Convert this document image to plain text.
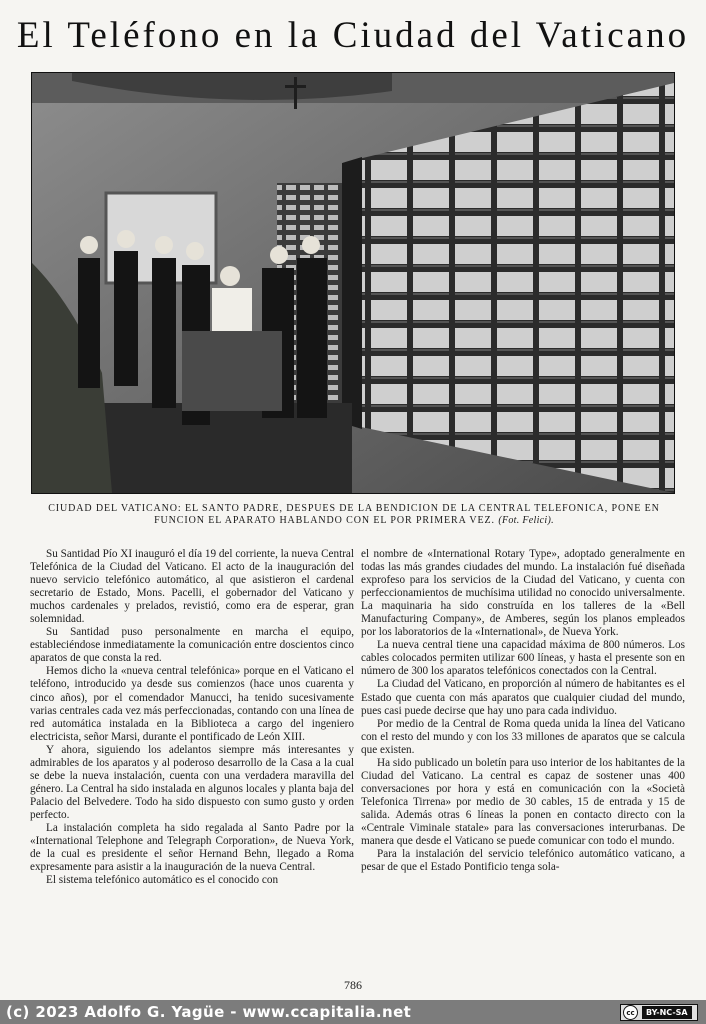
El Teléfono en la Ciudad del Vaticano
CIUDAD DEL VATICANO: EL SANTO PADRE, DESPUES DE LA BENDICION DE LA CENTRAL TELEFONICA, PONE EN FUNCION EL APARATO HABLANDO CON EL POR PRIMERA VEZ. (Fot. Felici).

Su Santidad Pío XI inauguró el día 19 del corriente, la nueva Central Telefónica de la Ciudad del Vaticano. El acto de la inauguración del nuevo servicio telefónico automático, al que asistieron el cardenal secretario de Estado, Mons. Pacelli, el gobernador del Vaticano y muchos cardenales y prelados, revistió, como era de esperar, gran solemnidad.

Su Santidad puso personalmente en marcha el equipo, estableciéndose inmediatamente la comunicación entre doscientos cinco aparatos de que consta la red.

Hemos dicho la «nueva central telefónica» porque en el Vaticano el teléfono, introducido ya desde sus comienzos (hace unos cuarenta y cinco años), por el comendador Manucci, ha tenido sucesivamente varias centrales cada vez más perfeccionadas, contando con una línea de red automática instalada en la Biblioteca a cargo del ingeniero electricista, señor Marsi, durante el pontificado de León XIII.

Y ahora, siguiendo los adelantos siempre más interesantes y admirables de los aparatos y al poderoso desarrollo de la Casa a la cual se debe la nueva instalación, cuenta con una verdadera maravilla del género. La Central ha sido instalada en algunos locales y planta baja del Palacio del Belvedere. Todo ha sido dispuesto con sumo gusto y orden perfecto.

La instalación completa ha sido regalada al Santo Padre por la «International Telephone and Telegraph Corporation», de Nueva York, de la cual es presidente el señor Hernand Behn, llegado a Roma expresamente para asistir a la inauguración de la nueva Central.

El sistema telefónico automático es el conocido con

el nombre de «International Rotary Type», adoptado generalmente en todas las más grandes ciudades del mundo. La instalación fué diseñada exprofeso para los servicios de la Ciudad del Vaticano, y cuenta con perfeccionamientos de muchísima utilidad no conocido universalmente. La maquinaria ha sido construída en los talleres de la «Bell Manufacturing Company», de Amberes, según los planos empleados por los laboratorios de la «International», de Nueva York.

La nueva central tiene una capacidad máxima de 800 números. Los cables colocados permiten utilizar 600 líneas, y hasta el presente son en número de 300 los aparatos telefónicos conectados con la Central.

La Ciudad del Vaticano, en proporción al número de habitantes es el Estado que cuenta con más aparatos que cualquier ciudad del mundo, pues casi puede decirse que hay uno para cada individuo.

Por medio de la Central de Roma queda unida la línea del Vaticano con el resto del mundo y con los 33 millones de aparatos que se calcula que existen.

Ha sido publicado un boletín para uso interior de los habitantes de la Ciudad del Vaticano. La central es capaz de sostener unas 400 conversaciones por hora y está en comunicación con la «Società Telefonica Tirrena» por medio de 30 cables, 15 de entrada y 15 de salida. Además otras 6 líneas la ponen en contacto directo con la «Centrale Viminale statale» para las conversaciones interurbanas. De manera que desde el Vaticano se puede comunicar con todo el mundo.

Para la instalación del servicio telefónico automático vaticano, a pesar de que el Estado Pontificio tenga sola-

786
(c) 2023 Adolfo G. Yagüe - www.ccapitalia.net	cc	BY-NC-SA
